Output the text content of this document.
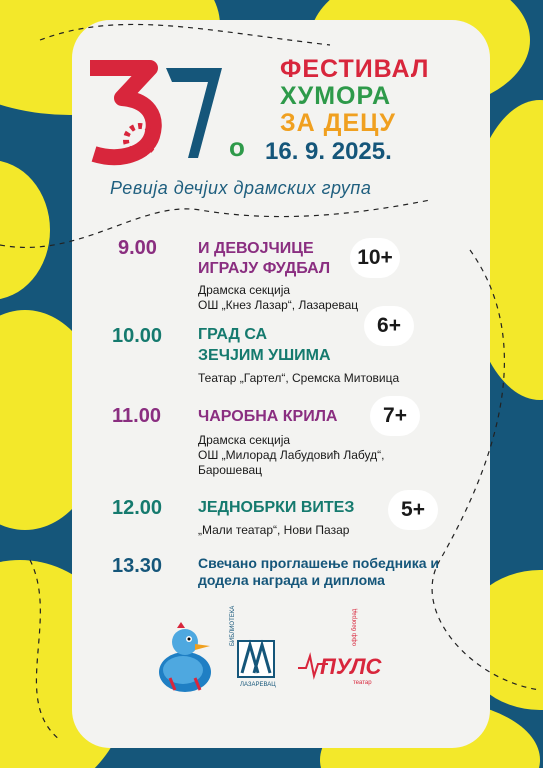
о
ФЕСТИВАЛ
ХУМОРА
ЗА ДЕЦУ
16. 9. 2025.
Ревија дечјих драмских група
9.00	И ДЕВОЈЧИЦЕ
ИГРАЈУ ФУДБАЛ	10+
Драмска секција
ОШ „Кнез Лазар“, Лазаревац
10.00 ГРАД СА
ЗЕЧЈИМ УШИМА
6+
Театар „Гартел“, Сремска Митовица
11.00 ЧАРОБНА КРИЛА	7+
Драмска секција
ОШ „Милорад Лабудовић Лабуд“,
Барошевац
12.00 ЈЕДНОБРКИ ВИТЕЗ	5+
„Мали театар“, Нови Пазар
13.30	Свечано проглашење победника и
додела награда и диплома
БИБЛИОТЕКА
ЛАЗАРЕВАЦ
офф београд
ПУЛС
театар
